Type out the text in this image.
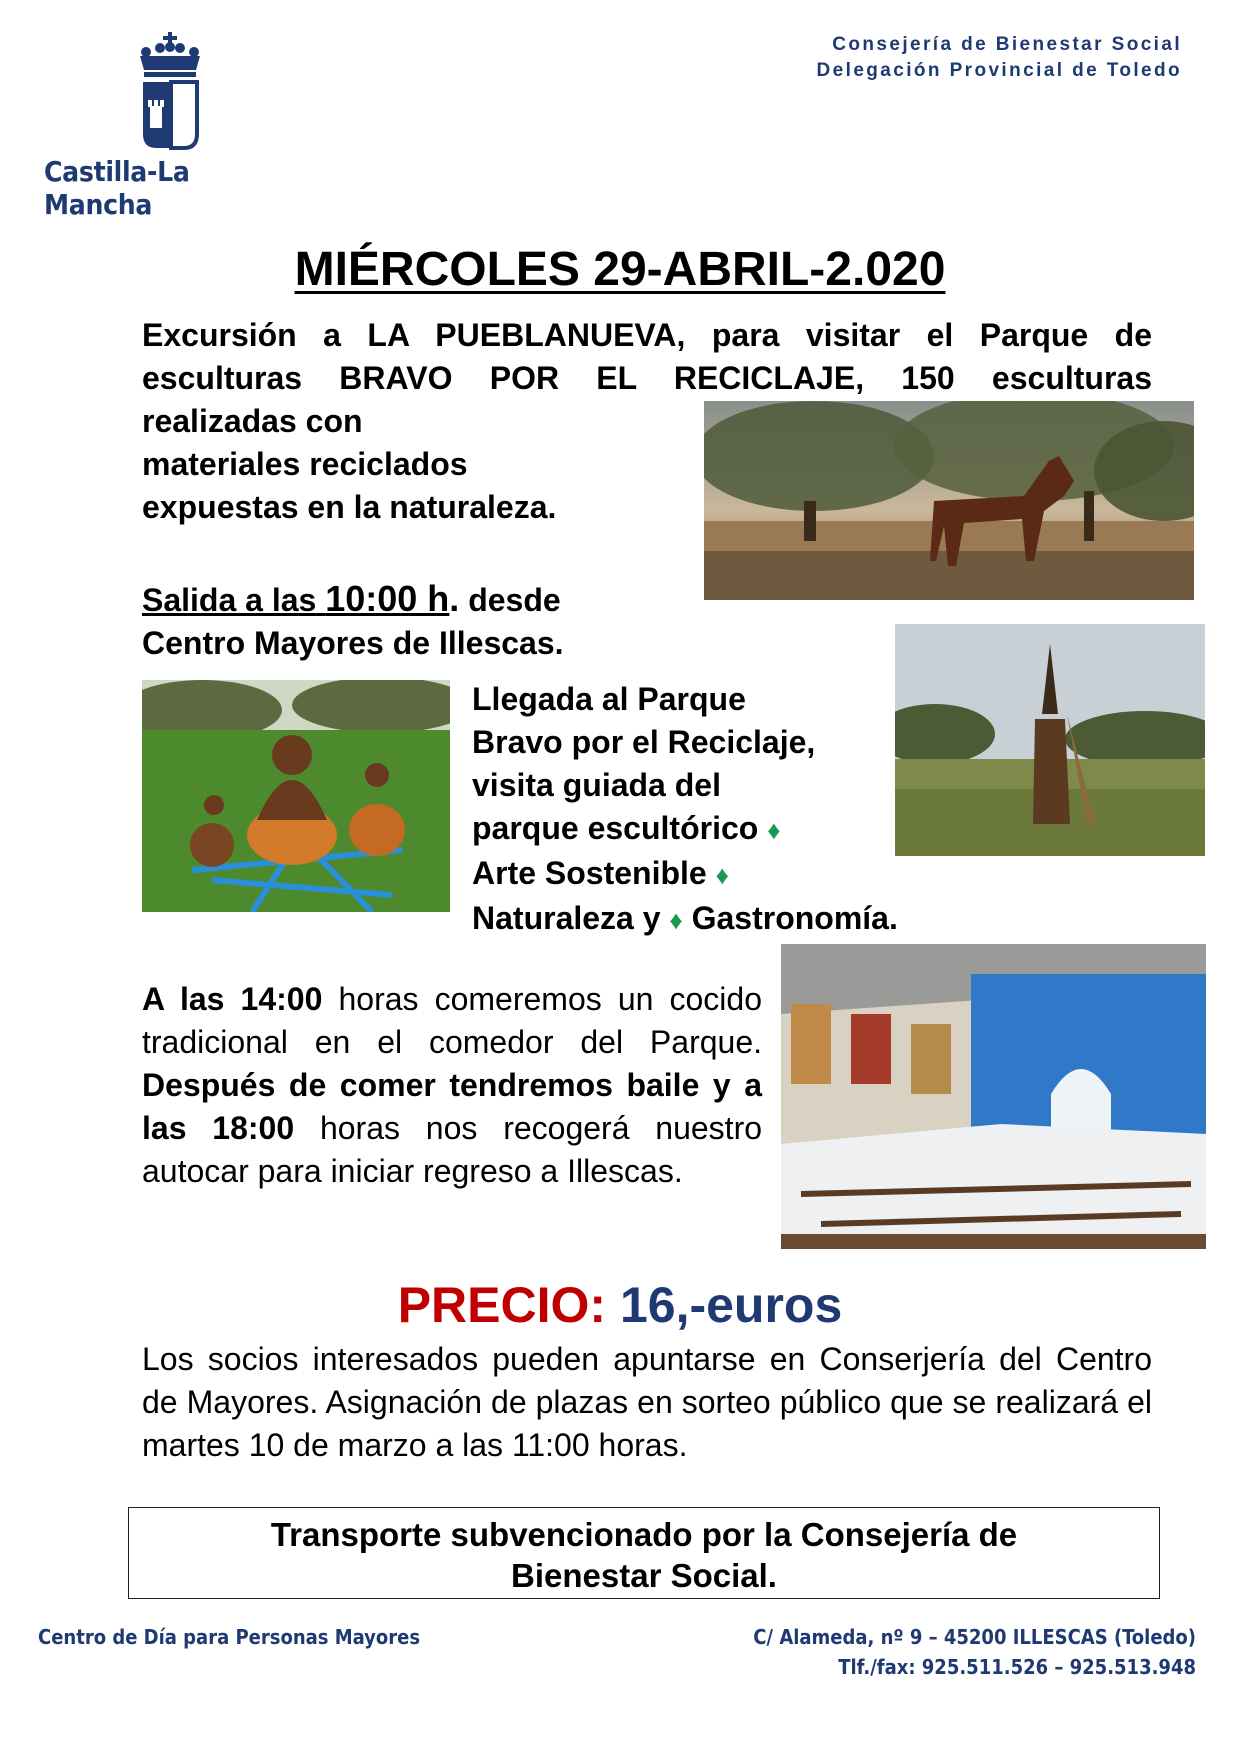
Castilla-La Mancha
Consejería de Bienestar Social
Delegación Provincial de Toledo
MIÉRCOLES 29-ABRIL-2.020
Excursión a LA PUEBLANUEVA, para visitar el Parque de
esculturas BRAVO POR EL RECICLAJE, 150 esculturas
realizadas con
materiales reciclados
expuestas en la naturaleza.
Salida a las 10:00 h. desde
Centro Mayores de Illescas.
Llegada al Parque
Bravo por el Reciclaje,
visita guiada del
parque escultórico ♦
Arte Sostenible ♦
Naturaleza y ♦ Gastronomía.
A las 14:00 horas comeremos un cocido tradicional en el comedor del Parque. Después de comer tendremos baile y a las 18:00 horas nos recogerá nuestro autocar para iniciar regreso a Illescas.
PRECIO: 16,-euros
Los socios interesados pueden apuntarse en Conserjería del Centro de Mayores. Asignación de plazas en sorteo público que se realizará el martes 10 de marzo a las 11:00 horas.
Transporte subvencionado por la Consejería de
Bienestar Social.
Centro de Día para Personas Mayores	C/ Alameda, nº 9 – 45200 ILLESCAS (Toledo)
Tlf./fax: 925.511.526 – 925.513.948
